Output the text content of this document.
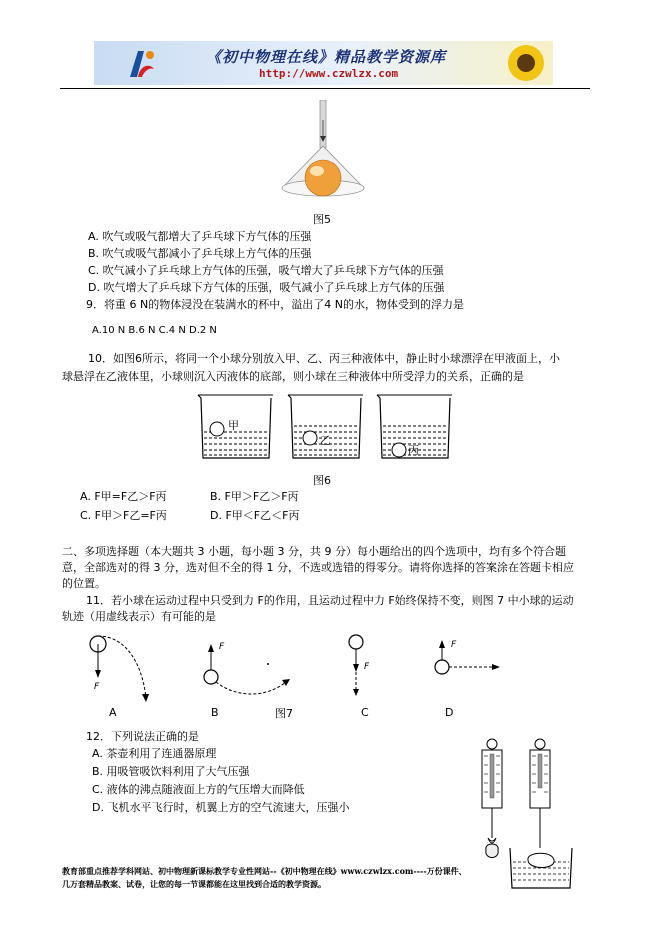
《初中物理在线》精品教学资源库
http://www.czwlzx.com
图5
A. 吹气或吸气都增大了乒乓球下方气体的压强
B. 吹气或吸气都减小了乒乓球上方气体的压强
C. 吹气减小了乒乓球上方气体的压强，吸气增大了乒乓球下方气体的压强
D. 吹气增大了乒乓球下方气体的压强，吸气减小了乒乓球上方气体的压强
9．将重 6 N的物体浸没在装满水的杯中，溢出了4 N的水，物体受到的浮力是
A.10 N B.6 N C.4 N D.2 N
10．如图6所示，将同一个小球分别放入甲、乙、丙三种液体中，静止时小球漂浮在甲液面上，小
球悬浮在乙液体里，小球则沉入丙液体的底部，则小球在三种液体中所受浮力的关系，正确的是
甲
乙
丙
图6
A. F甲=F乙＞F丙	B. F甲＞F乙＞F丙
C. F甲＞F乙=F丙	D. F甲＜F乙＜F丙
二、多项选择题（本大题共 3 小题，每小题 3 分，共 9 分）每小题给出的四个选项中，均有多个符合题
意，全部选对的得 3 分，选对但不全的得 1 分，不选或选错的得零分。请将你选择的答案涂在答题卡相应
的位置。
11．若小球在运动过程中只受到力 F的作用，且运动过程中力 F始终保持不变，则图 7 中小球的运动
轨迹（用虚线表示）有可能的是
F
F
F
F
A	B	图7	C	D
12．下列说法正确的是
A. 茶壶利用了连通器原理
B. 用吸管吸饮料利用了大气压强
C. 液体的沸点随液面上方的气压增大而降低
D. 飞机水平飞行时，机翼上方的空气流速大，压强小
教育部重点推荐学科网站、初中物理新课标教学专业性网站--《初中物理在线》www.czwlzx.com----万份课件、
几万套精品教案、试卷，让您的每一节课都能在这里找到合适的教学资源。
